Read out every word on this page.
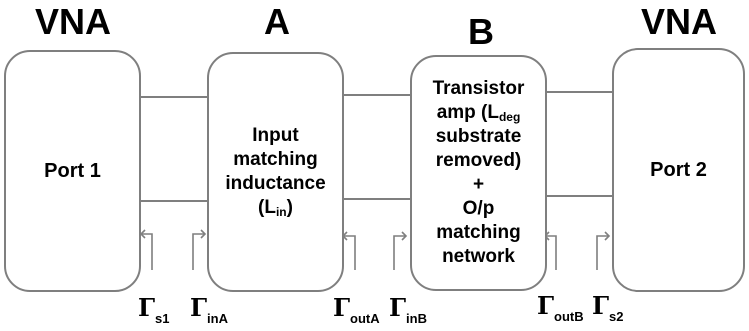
VNA	A	B	VNA
Port 1
Input
matching
inductance
$(L_{in})$
Transistor
amp ($L_{deg}$
substrate
removed)
+
O/p
matching
network
Port 2
$\Gamma_{s1}$ $\Gamma_{inA}$	$\Gamma_{outA}$ $\Gamma_{inB}$	$\Gamma_{outB}$ $\Gamma_{s2}$
